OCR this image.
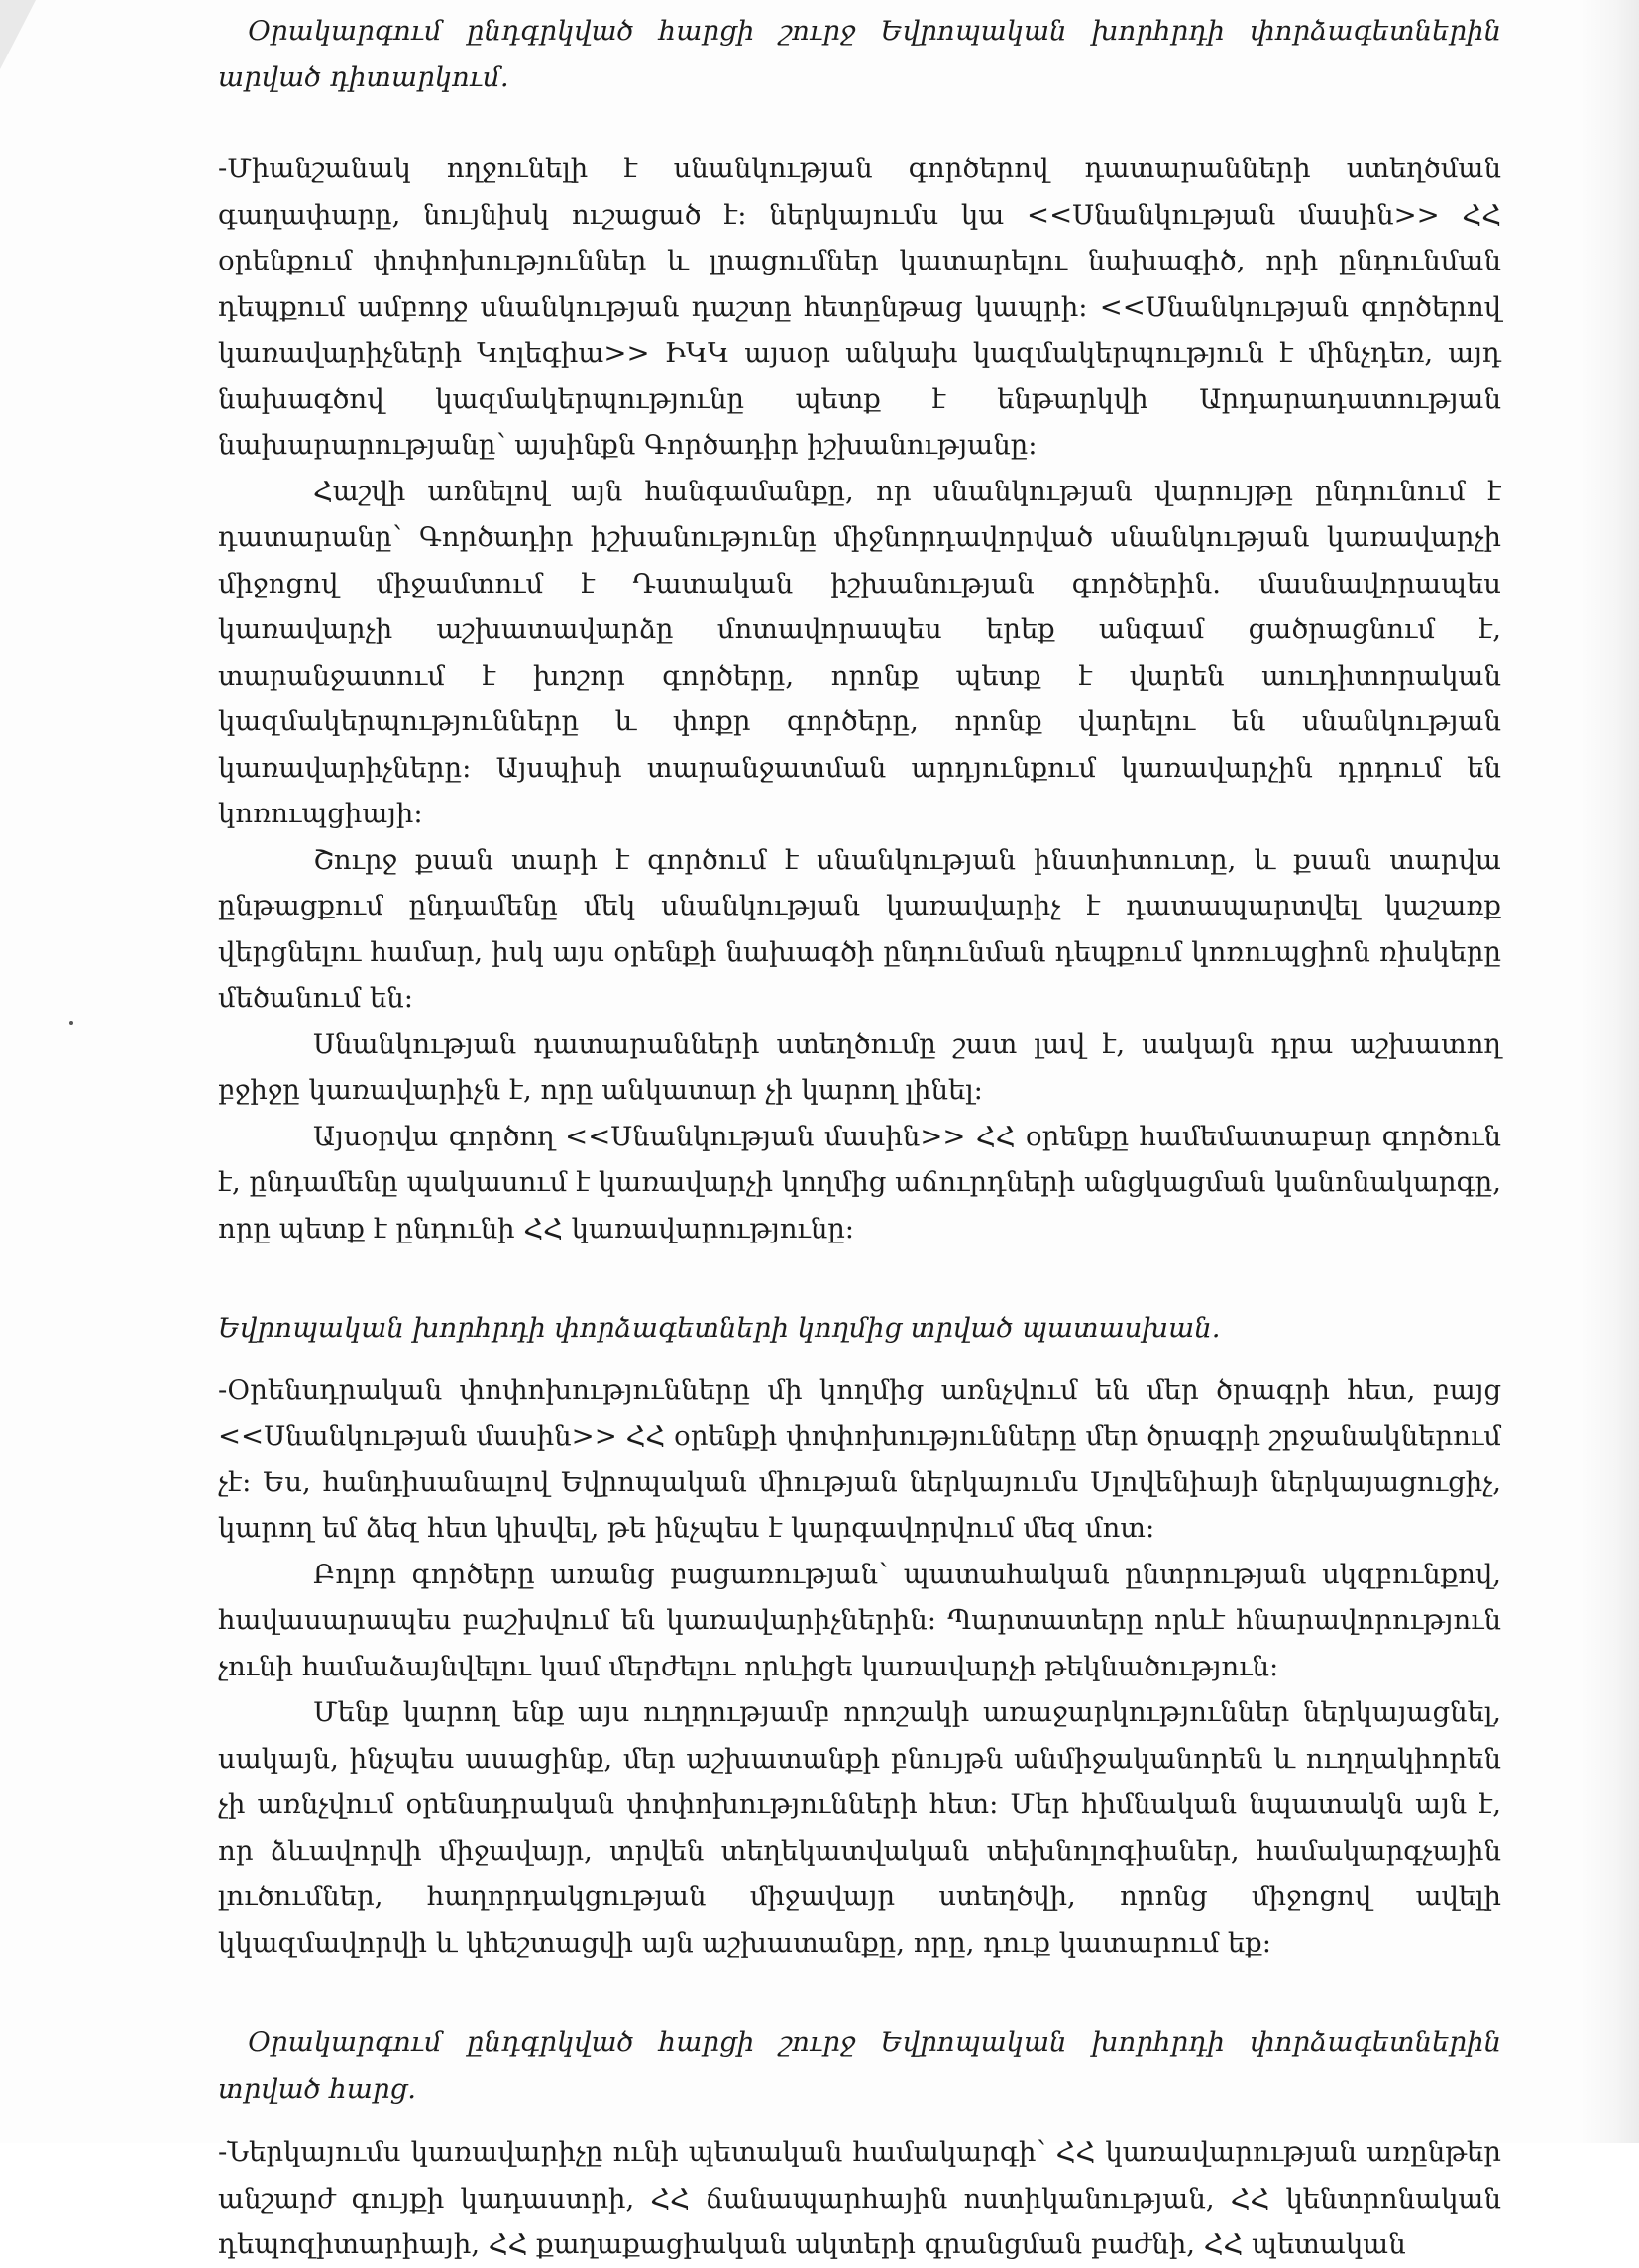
Օրակարգում ընդգրկված հարցի շուրջ Եվրոպական խորհրդի փորձագետներին արված դիտարկում.

-Միանշանակ ողջունելի է սնանկության գործերով դատարանների ստեղծման գաղափարը, նույնիսկ ուշացած է: ներկայումս կա <<Սնանկության մասին>> ՀՀ օրենքում փոփոխություններ և լրացումներ կատարելու նախագիծ, որի ընդունման դեպքում ամբողջ սնանկության դաշտը հետընթաց կապրի: <<Սնանկության գործերով կառավարիչների Կոլեգիա>> ԻԿԿ այսօր անկախ կազմակերպություն է մինչդեռ, այդ նախագծով կազմակերպությունը պետք է ենթարկվի Արդարադատության նախարարությանը՝ այսինքն Գործադիր իշխանությանը:

Հաշվի առնելով այն հանգամանքը, որ սնանկության վարույթը ընդունում է դատարանը՝ Գործադիր իշխանությունը միջնորդավորված սնանկության կառավարչի միջոցով միջամտում է Դատական իշխանության գործերին. մասնավորապես կառավարչի աշխատավարձը մոտավորապես երեք անգամ ցածրացնում է, տարանջատում է խոշոր գործերը, որոնք պետք է վարեն աուդիտորական կազմակերպությունները և փոքր գործերը, որոնք վարելու են սնանկության կառավարիչները: Այսպիսի տարանջատման արդյունքում կառավարչին դրդում են կոռուպցիայի:

Շուրջ քսան տարի է գործում է սնանկության ինստիտուտը, և քսան տարվա ընթացքում ընդամենը մեկ սնանկության կառավարիչ է դատապարտվել կաշառք վերցնելու համար, իսկ այս օրենքի նախագծի ընդունման դեպքում կոռուպցիոն ռիսկերը մեծանում են:

Սնանկության դատարանների ստեղծումը շատ լավ է, սակայն դրա աշխատող բջիջը կառավարիչն է, որը անկատար չի կարող լինել:

Այսօրվա գործող <<Սնանկության մասին>> ՀՀ օրենքը համեմատաբար գործուն է, ընդամենը պակասում է կառավարչի կողմից աճուրդների անցկացման կանոնակարգը, որը պետք է ընդունի ՀՀ կառավարությունը:

Եվրոպական խորհրդի փորձագետների կողմից տրված պատասխան.

-Օրենսդրական փոփոխությունները մի կողմից առնչվում են մեր ծրագրի հետ, բայց <<Սնանկության մասին>> ՀՀ օրենքի փոփոխությունները մեր ծրագրի շրջանակներում չէ: Ես, հանդիսանալով Եվրոպական միության ներկայումս Սլովենիայի ներկայացուցիչ, կարող եմ ձեզ հետ կիսվել, թե ինչպես է կարգավորվում մեզ մոտ:

Բոլոր գործերը առանց բացառության՝ պատահական ընտրության սկզբունքով, հավասարապես բաշխվում են կառավարիչներին: Պարտատերը որևէ հնարավորություն չունի համաձայնվելու կամ մերժելու որևիցե կառավարչի թեկնածություն:

Մենք կարող ենք այս ուղղությամբ որոշակի առաջարկություններ ներկայացնել, սակայն, ինչպես ասացինք, մեր աշխատանքի բնույթն անմիջականորեն և ուղղակիորեն չի առնչվում օրենսդրական փոփոխությունների հետ: Մեր հիմնական նպատակն այն է, որ ձևավորվի միջավայր, տրվեն տեղեկատվական տեխնոլոգիաներ, համակարգչային լուծումներ, հաղորդակցության միջավայր ստեղծվի, որոնց միջոցով ավելի կկազմավորվի և կհեշտացվի այն աշխատանքը, որը, դուք կատարում եք:

Օրակարգում ընդգրկված հարցի շուրջ Եվրոպական խորհրդի փորձագետներին տրված հարց.

-Ներկայումս կառավարիչը ունի պետական համակարգի՝ ՀՀ կառավարության առընթեր անշարժ գույքի կադաստրի, ՀՀ ճանապարհային ոստիկանության, ՀՀ կենտրոնական դեպոզիտարիայի, ՀՀ քաղաքացիական ակտերի գրանցման բաժնի, ՀՀ պետական
